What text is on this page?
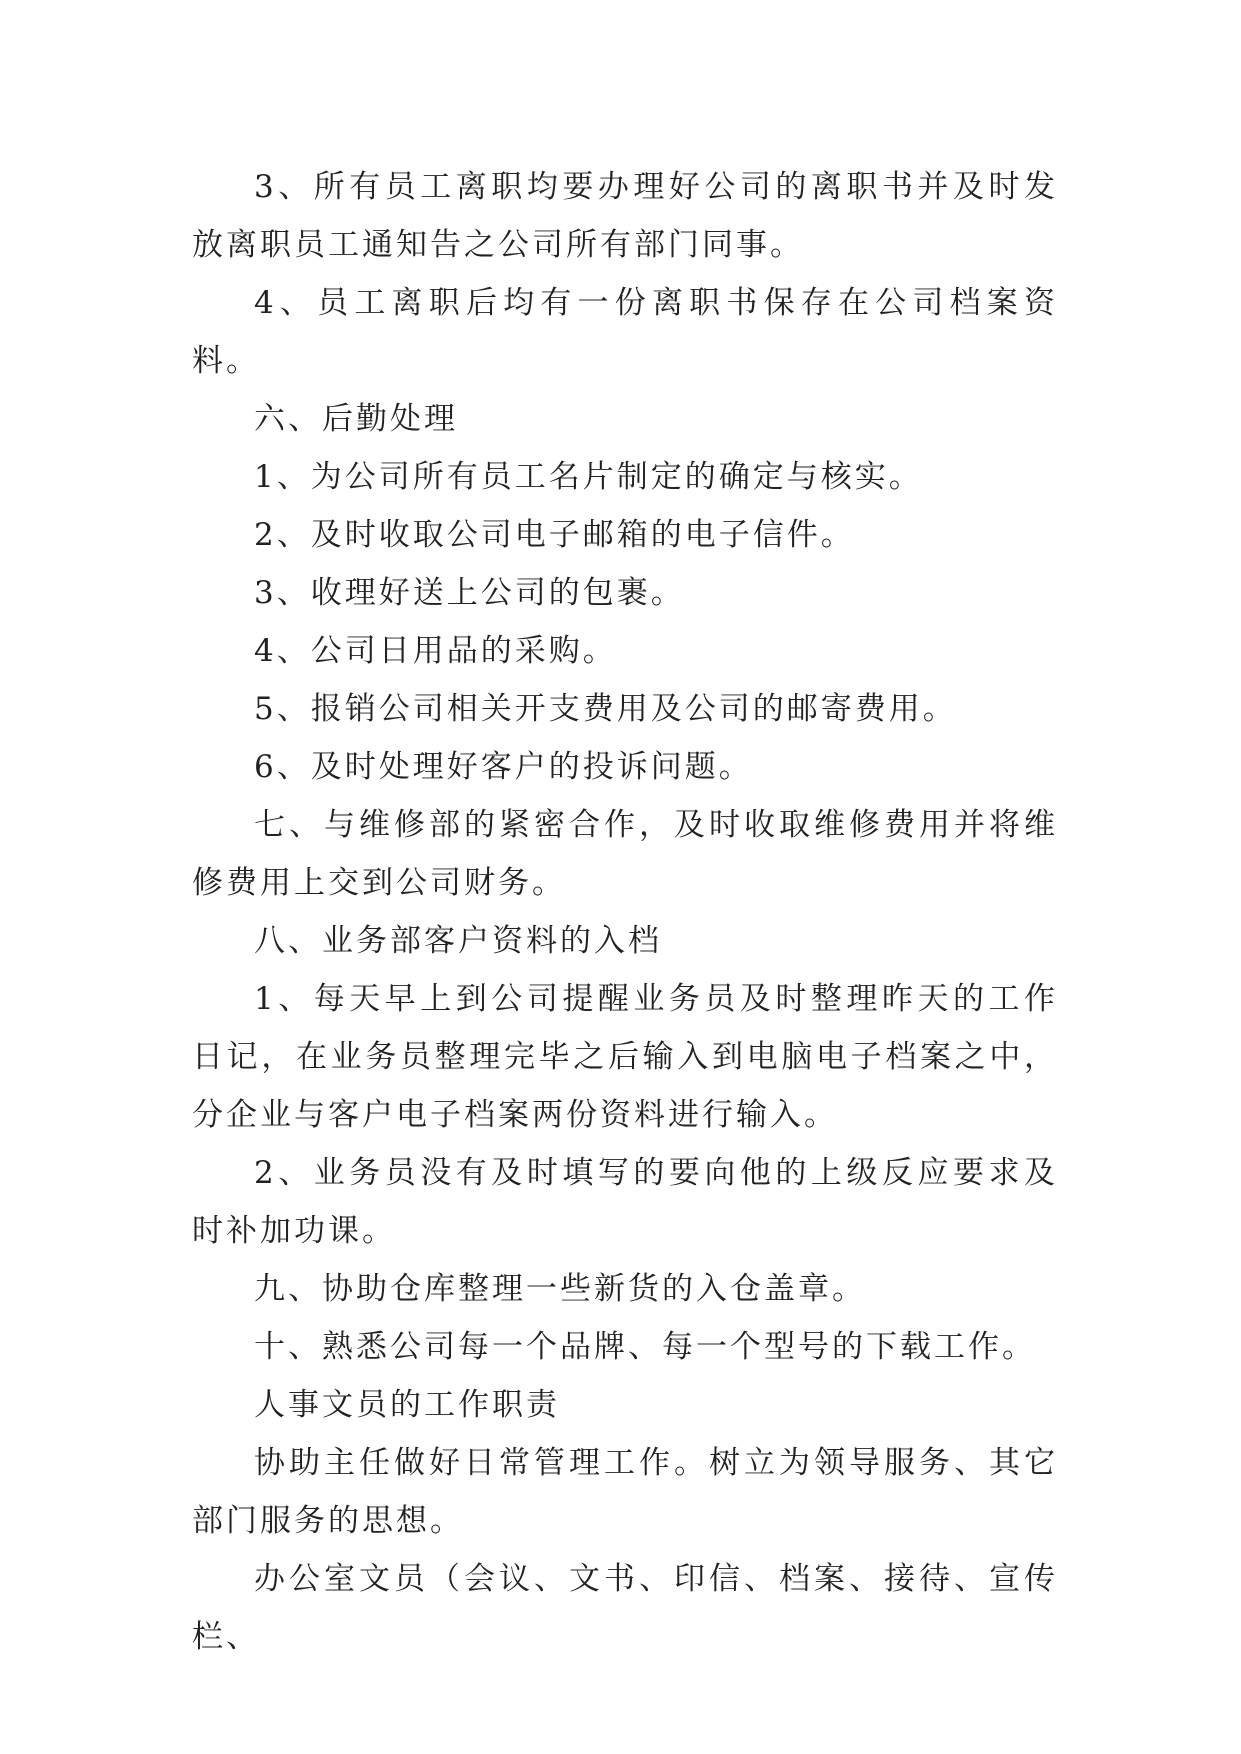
3、所有员工离职均要办理好公司的离职书并及时发放离职员工通知告之公司所有部门同事。

4、员工离职后均有一份离职书保存在公司档案资料。

六、后勤处理

1、为公司所有员工名片制定的确定与核实。

2、及时收取公司电子邮箱的电子信件。

3、收理好送上公司的包裹。

4、公司日用品的采购。

5、报销公司相关开支费用及公司的邮寄费用。

6、及时处理好客户的投诉问题。

七、与维修部的紧密合作，及时收取维修费用并将维修费用上交到公司财务。

八、业务部客户资料的入档

1、每天早上到公司提醒业务员及时整理昨天的工作日记，在业务员整理完毕之后输入到电脑电子档案之中，分企业与客户电子档案两份资料进行输入。

2、业务员没有及时填写的要向他的上级反应要求及时补加功课。

九、协助仓库整理一些新货的入仓盖章。

十、熟悉公司每一个品牌、每一个型号的下载工作。

人事文员的工作职责

协助主任做好日常管理工作。树立为领导服务、其它部门服务的思想。

办公室文员（会议、文书、印信、档案、接待、宣传栏、
